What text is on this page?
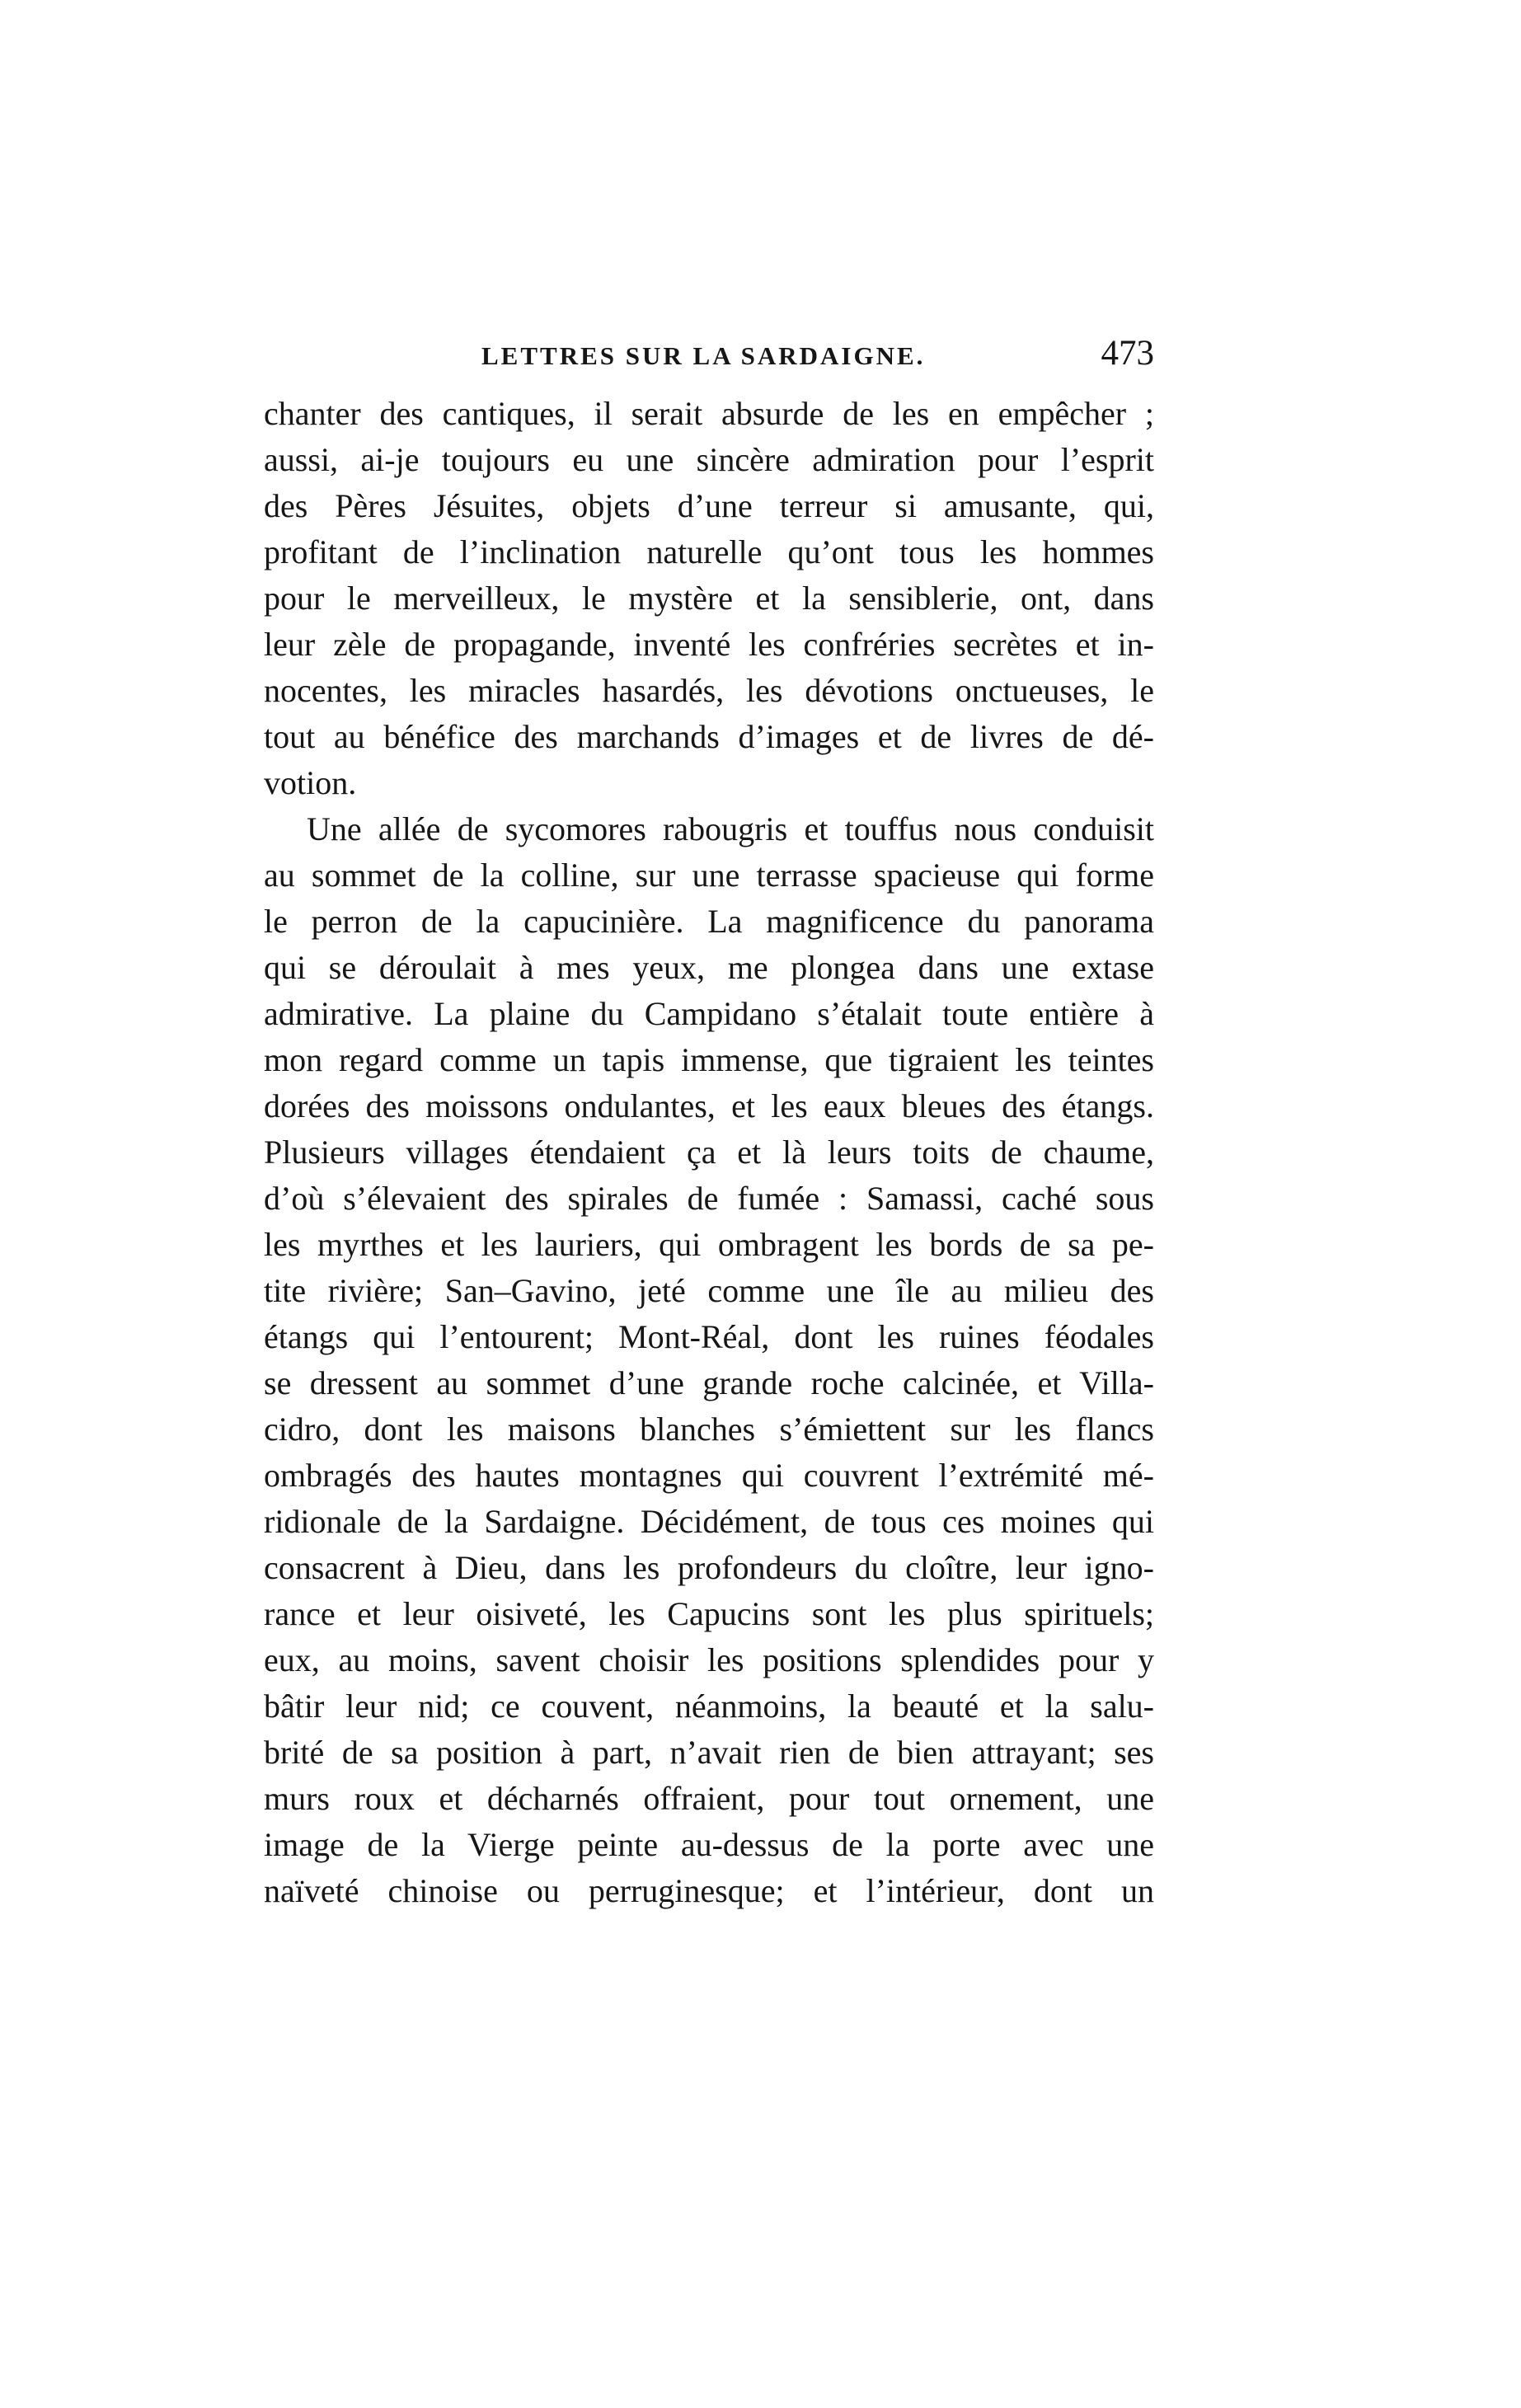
LETTRES SUR LA SARDAIGNE.	473
chanter des cantiques, il serait absurde de les en empêcher ;
aussi, ai-je toujours eu une sincère admiration pour l’esprit
des Pères Jésuites, objets d’une terreur si amusante, qui,
profitant de l’inclination naturelle qu’ont tous les hommes
pour le merveilleux, le mystère et la sensiblerie, ont, dans
leur zèle de propagande, inventé les confréries secrètes et in-
nocentes, les miracles hasardés, les dévotions onctueuses, le
tout au bénéfice des marchands d’images et de livres de dé-
votion.
Une allée de sycomores rabougris et touffus nous conduisit
au sommet de la colline, sur une terrasse spacieuse qui forme
le perron de la capucinière. La magnificence du panorama
qui se déroulait à mes yeux, me plongea dans une extase
admirative. La plaine du Campidano s’étalait toute entière à
mon regard comme un tapis immense, que tigraient les teintes
dorées des moissons ondulantes, et les eaux bleues des étangs.
Plusieurs villages étendaient ça et là leurs toits de chaume,
d’où s’élevaient des spirales de fumée : Samassi, caché sous
les myrthes et les lauriers, qui ombragent les bords de sa pe-
tite rivière; San–Gavino, jeté comme une île au milieu des
étangs qui l’entourent; Mont-Réal, dont les ruines féodales
se dressent au sommet d’une grande roche calcinée, et Villa-
cidro, dont les maisons blanches s’émiettent sur les flancs
ombragés des hautes montagnes qui couvrent l’extrémité mé-
ridionale de la Sardaigne. Décidément, de tous ces moines qui
consacrent à Dieu, dans les profondeurs du cloître, leur igno-
rance et leur oisiveté, les Capucins sont les plus spirituels;
eux, au moins, savent choisir les positions splendides pour y
bâtir leur nid; ce couvent, néanmoins, la beauté et la salu-
brité de sa position à part, n’avait rien de bien attrayant; ses
murs roux et décharnés offraient, pour tout ornement, une
image de la Vierge peinte au-dessus de la porte avec une
naïveté chinoise ou perruginesque; et l’intérieur, dont un
